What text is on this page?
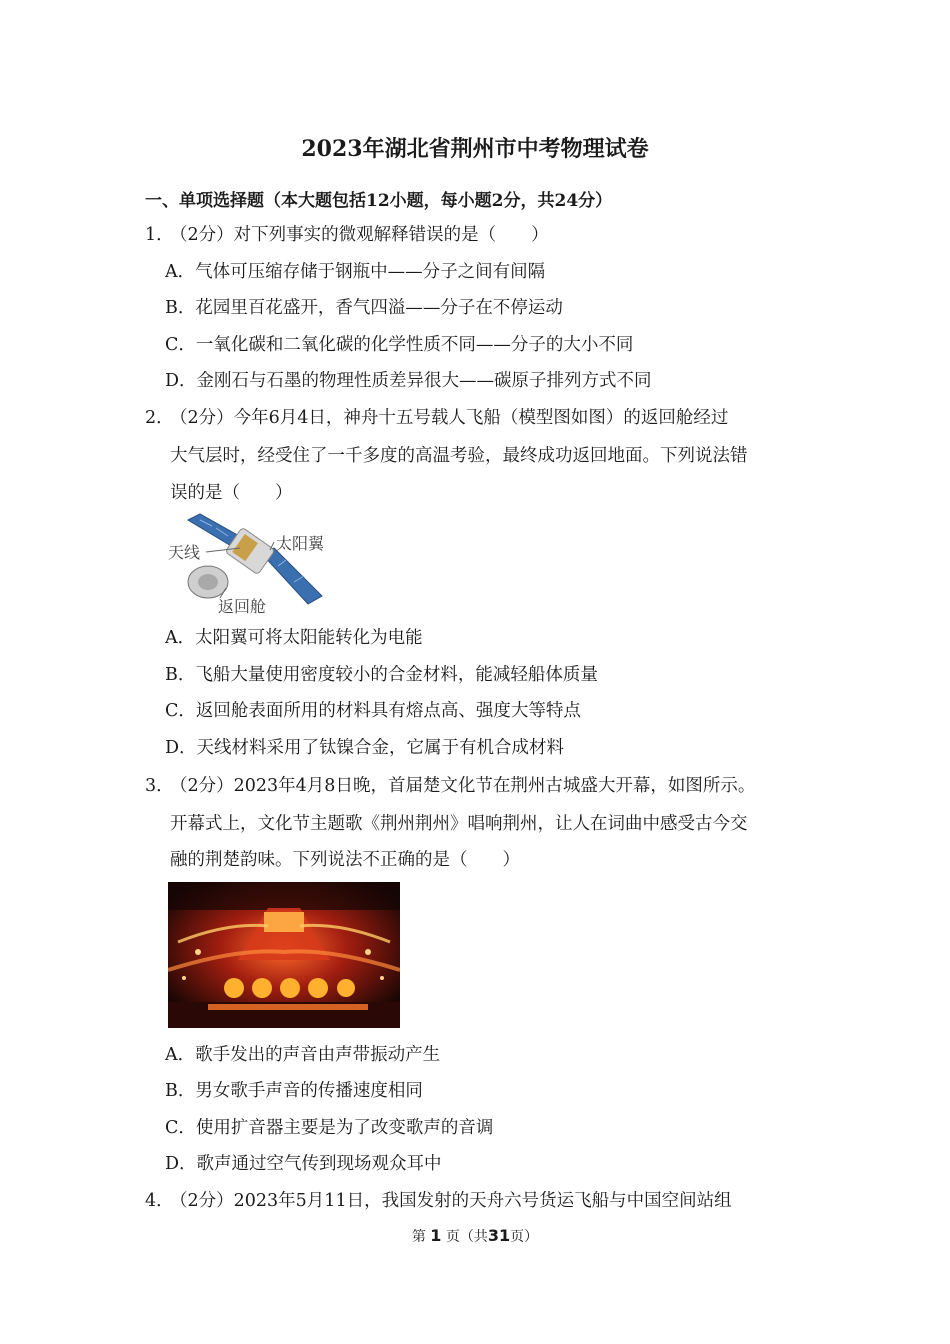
2023年湖北省荆州市中考物理试卷
一、单项选择题（本大题包括12小题，每小题2分，共24分）
1．
（2分）对下列事实的微观解释错误的是（　　）
A．气体可压缩存储于钢瓶中——分子之间有间隔
B．花园里百花盛开，香气四溢——分子在不停运动
C．一氧化碳和二氧化碳的化学性质不同——分子的大小不同
D．金刚石与石墨的物理性质差异很大——碳原子排列方式不同
2．
（2分）今年6月4日，神舟十五号载人飞船（模型图如图）的返回舱经过
大气层时，经受住了一千多度的高温考验，最终成功返回地面。下列说法错
误的是（　　）
天线	太阳翼
返回舱
A．太阳翼可将太阳能转化为电能
B．飞船大量使用密度较小的合金材料，能减轻船体质量
C．返回舱表面所用的材料具有熔点高、强度大等特点
D．天线材料采用了钛镍合金，它属于有机合成材料
3．
（2分）2023年4月8日晚，首届楚文化节在荆州古城盛大开幕，如图所示。
开幕式上，文化节主题歌《荆州荆州》唱响荆州，让人在词曲中感受古今交
融的荆楚韵味。下列说法不正确的是（　　）
A．歌手发出的声音由声带振动产生
B．男女歌手声音的传播速度相同
C．使用扩音器主要是为了改变歌声的音调
D．歌声通过空气传到现场观众耳中
4．
（2分）2023年5月11日，我国发射的天舟六号货运飞船与中国空间站组
第 1 页（共31页）
